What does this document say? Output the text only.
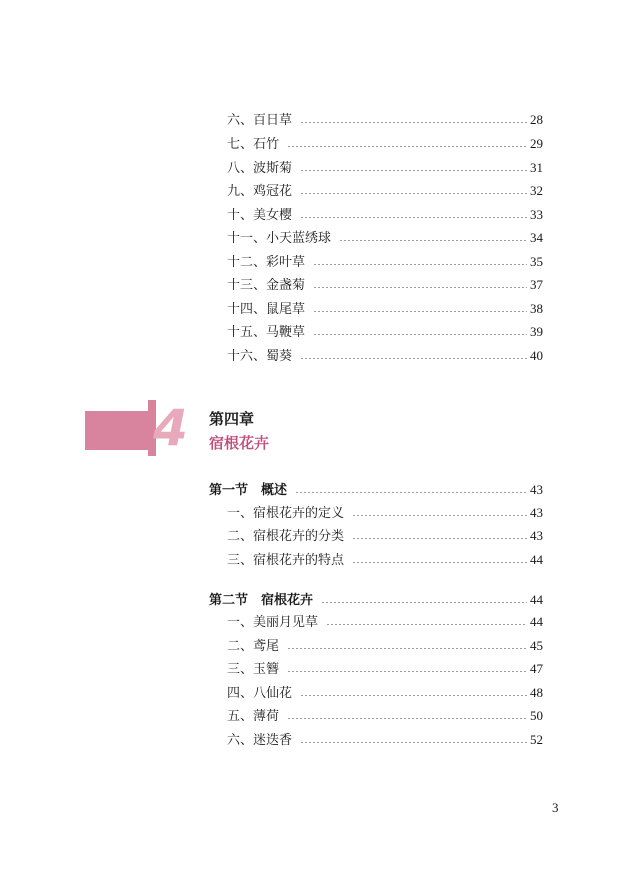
六、百日草	28
七、石竹	29
八、波斯菊	31
九、鸡冠花	32
十、美女樱	33
十一、小天蓝绣球	34
十二、彩叶草	35
十三、金盏菊	37
十四、鼠尾草	38
十五、马鞭草	39
十六、蜀葵	40
4	第四章
宿根花卉
第一节　概述	43
一、宿根花卉的定义	43
二、宿根花卉的分类	43
三、宿根花卉的特点	44
第二节　宿根花卉	44
一、美丽月见草	44
二、鸢尾	45
三、玉簪	47
四、八仙花	48
五、薄荷	50
六、迷迭香	52
3
